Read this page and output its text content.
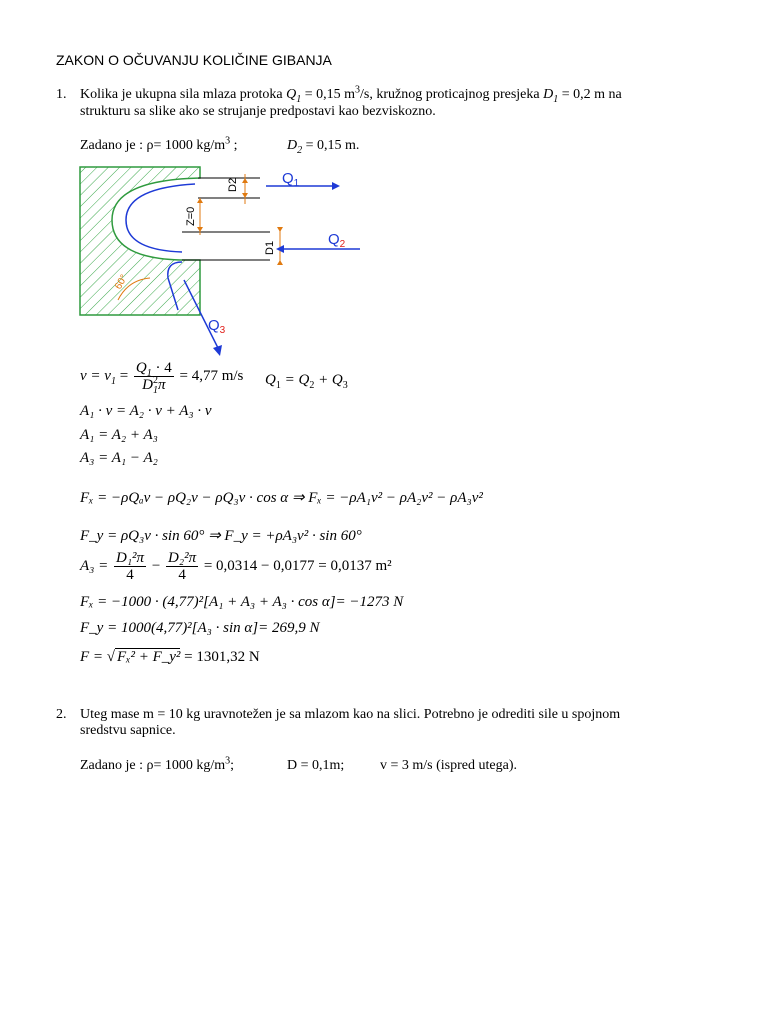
ZAKON O OČUVANJU KOLIČINE GIBANJA
1. Kolika je ukupna sila mlaza protoka $Q_1 = 0,15$ $m^3/s$, kružnog proticajnog presjeka $D_1 = 0,2$ m na
strukturu sa slike ako se strujanje predpostavi kao bezviskozno.
Zadano je : ρ= 1000 $kg/m^3$ ;	$D_2 = 0,15$ m.
D2
Z=0
D1
$Q_1$
$Q_2$
$Q_3$
60°
$v = v_1 = \frac{Q_1 \cdot 4}{D^2_1\pi} = 4,77$ m/s $Q_1 = Q_2 + Q_3$
A₁ · v = A₂ · v + A₃ · v
A₁ = A₂ + A₃
A₃ = A₁ − A₂
Fₓ = −ρQₐv − ρQ₂v − ρQ₃v · cos α ⇒ Fₓ = −ρA₁v² − ρA₂v² − ρA₃v²
F_y = ρQ₃v · sin 60° ⇒ F_y = +ρA₃v² · sin 60°
$A_3 = \frac{\text{D₁²π}}{4} - \frac{\text{D₂²π}}{4} = 0,0314 - 0,0177 = 0,0137$ m²
Fₓ = −1000 · (4,77)²[A₁ + A₃ + A₃ · cos α]= −1273 N
F_y = 1000(4,77)²[A₃ · sin α]= 269,9 N
F = √ Fₓ² + F_y² = 1301,32 N
2. Uteg mase m = 10 kg uravnotežen je sa mlazom kao na slici. Potrebno je odrediti sile u spojnom
sredstvu sapnice.
Zadano je : ρ= 1000 $kg/m^3$;	D = 0,1m;	v = 3 m/s (ispred utega).
